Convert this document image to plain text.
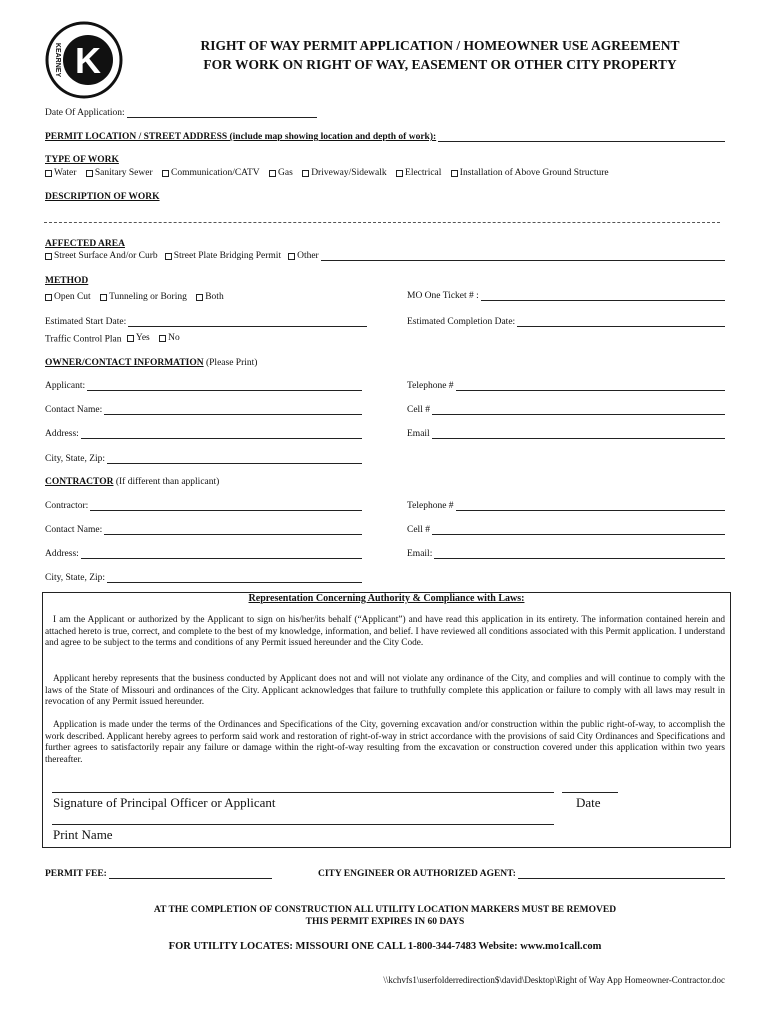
K
KEARNEY	RIGHT OF WAY PERMIT APPLICATION / HOMEOWNER USE AGREEMENT
FOR WORK ON RIGHT OF WAY, EASEMENT OR OTHER CITY PROPERTY
Date Of Application:
PERMIT LOCATION / STREET ADDRESS (include map showing location and depth of work):
TYPE OF WORK
Water
Sanitary Sewer
Communication/CATV
Gas
Driveway/Sidewalk
Electrical
Installation of Above Ground Structure
DESCRIPTION OF WORK
AFFECTED AREA
Street Surface And/or Curb Street Plate Bridging Permit Other
METHOD
Open Cut
Tunneling or Boring
Both	MO One Ticket # :
Estimated Start Date:	Estimated Completion Date:
Traffic Control Plan Yes
No
OWNER/CONTACT INFORMATION (Please Print)
Applicant:	Telephone #
Contact Name:	Cell #
Address:	Email
City, State, Zip:
CONTRACTOR (If different than applicant)
Contractor:	Telephone #
Contact Name:	Cell #
Address:	Email:
City, State, Zip:
Representation Concerning Authority & Compliance with Laws:
I am the Applicant or authorized by the Applicant to sign on his/her/its behalf (“Applicant”) and have read this application in its entirety. The information contained herein and attached hereto is true, correct, and complete to the best of my knowledge, information, and belief. I have reviewed all conditions associated with this Permit application. I understand and agree to be subject to the terms and conditions of any Permit issued hereunder and the City Code.
Applicant hereby represents that the business conducted by Applicant does not and will not violate any ordinance of the City, and complies and will continue to comply with the laws of the State of Missouri and ordinances of the City. Applicant acknowledges that failure to truthfully complete this application or failure to comply with all laws may result in revocation of any Permit issued hereunder.
Application is made under the terms of the Ordinances and Specifications of the City, governing excavation and/or construction within the public right-of-way, to accomplish the work described. Applicant hereby agrees to perform said work and restoration of right-of-way in strict accordance with the provisions of said City Ordinances and Specifications and further agrees to satisfactorily repair any failure or damage within the right-of-way resulting from the excavation or construction covered under this application within two years thereafter.
Signature of Principal Officer or Applicant	Date
Print Name
PERMIT FEE:	CITY ENGINEER OR AUTHORIZED AGENT:
AT THE COMPLETION OF CONSTRUCTION ALL UTILITY LOCATION MARKERS MUST BE REMOVED
THIS PERMIT EXPIRES IN 60 DAYS
FOR UTILITY LOCATES: MISSOURI ONE CALL 1-800-344-7483 Website: www.mo1call.com
\\kchvfs1\userfolderredirection$\david\Desktop\Right of Way App Homeowner-Contractor.doc
